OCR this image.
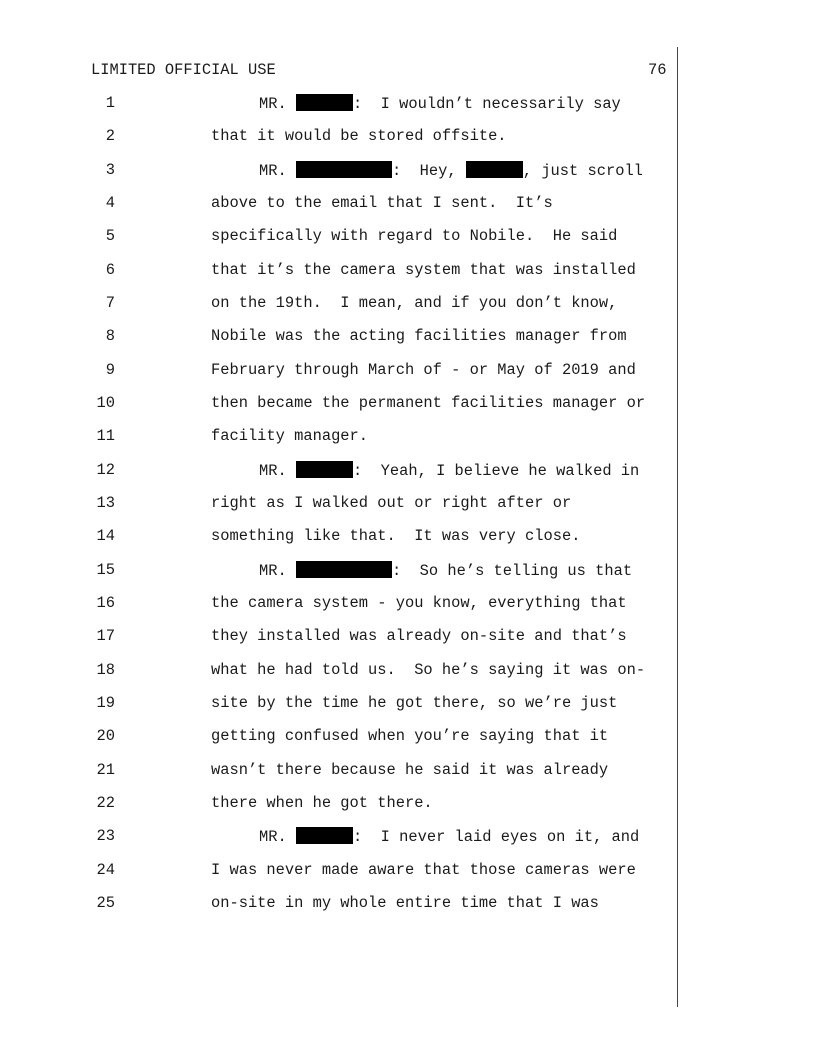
LIMITED OFFICIAL USE	76
1	MR.	:  I wouldn’t necessarily say
2	that it would be stored offsite.
3	MR.	:  Hey,	, just scroll
4	above to the email that I sent.  It’s
5	specifically with regard to Nobile.  He said
6	that it’s the camera system that was installed
7	on the 19th.  I mean, and if you don’t know,
8	Nobile was the acting facilities manager from
9	February through March of - or May of 2019 and
10	then became the permanent facilities manager or
11	facility manager.
12	MR.	:  Yeah, I believe he walked in
13	right as I walked out or right after or
14	something like that.  It was very close.
15	MR.	:  So he’s telling us that
16	the camera system - you know, everything that
17	they installed was already on-site and that’s
18	what he had told us.  So he’s saying it was on-
19	site by the time he got there, so we’re just
20	getting confused when you’re saying that it
21	wasn’t there because he said it was already
22	there when he got there.
23	MR.	:  I never laid eyes on it, and
24	I was never made aware that those cameras were
25	on-site in my whole entire time that I was
